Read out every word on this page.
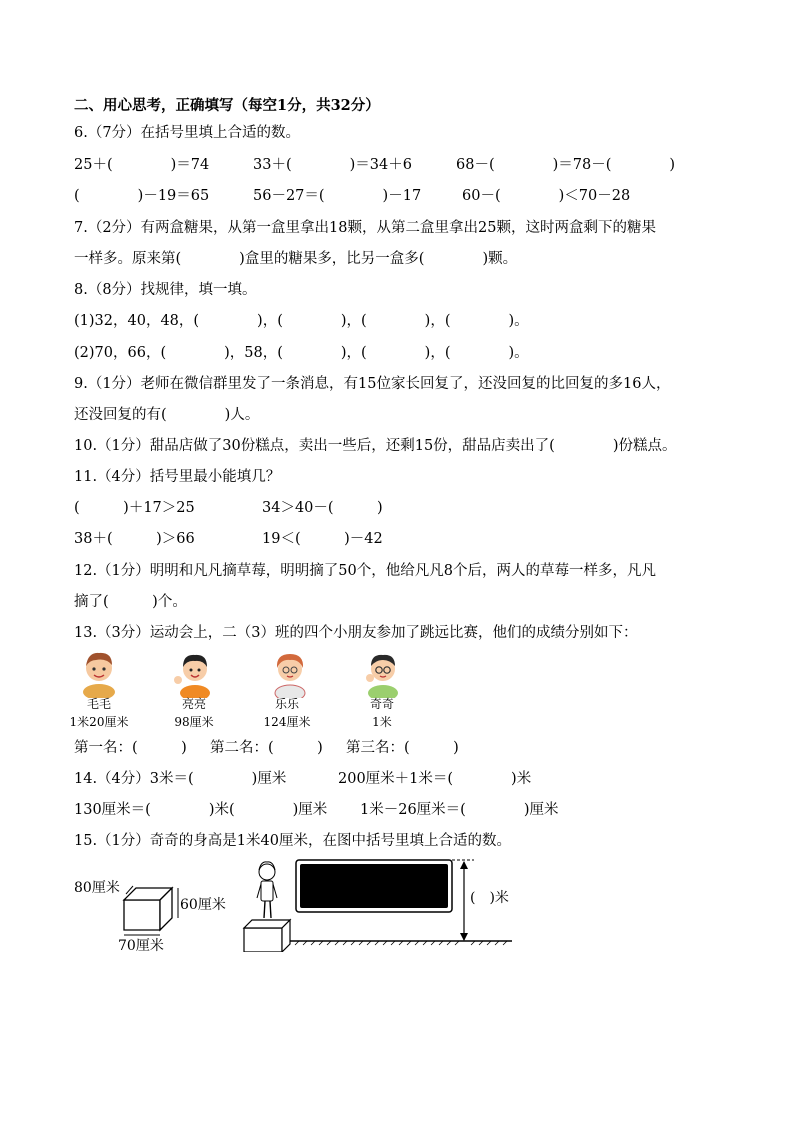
二、用心思考，正确填写（每空1分，共32分）
6.（7分）在括号里填上合适的数。
25＋(　　　　)＝74	33＋(　　　　)＝34＋6	68－(　　　　)＝78－(　　　　)
(　　　　)－19＝65	56－27＝(　　　　)－17	60－(　　　　)＜70－28
7.（2分）有两盒糖果，从第一盒里拿出18颗，从第二盒里拿出25颗，这时两盒剩下的糖果
一样多。原来第(　　　　)盒里的糖果多，比另一盒多(　　　　)颗。
8.（8分）找规律，填一填。
(1)32，40，48，(　　　　)，(　　　　)，(　　　　)，(　　　　)。
(2)70，66，(　　　　)，58，(　　　　)，(　　　　)，(　　　　)。
9.（1分）老师在微信群里发了一条消息，有15位家长回复了，还没回复的比回复的多16人，
还没回复的有(　　　　)人。
10.（1分）甜品店做了30份糕点，卖出一些后，还剩15份，甜品店卖出了(　　　　)份糕点。
11.（4分）括号里最小能填几？
(　　　)＋17＞25	34＞40－(　　　)
38＋(　　　)＞66	19＜(　　　)－42
12.（1分）明明和凡凡摘草莓，明明摘了50个，他给凡凡8个后，两人的草莓一样多，凡凡
摘了(　　　)个。
13.（3分）运动会上，二（3）班的四个小朋友参加了跳远比赛，他们的成绩分别如下：
毛毛
1米20厘米
亮亮
98厘米
乐乐
124厘米
奇奇
1米
第一名：(　　　) 第二名：(　　　) 第三名：(　　　)
14.（4分）3米＝(　　　　)厘米	200厘米＋1米＝(　　　　)米
130厘米＝(　　　　)米(　　　　)厘米 1米－26厘米＝(　　　　)厘米
15.（1分）奇奇的身高是1米40厘米，在图中括号里填上合适的数。
80厘米
60厘米
70厘米
(　)米
